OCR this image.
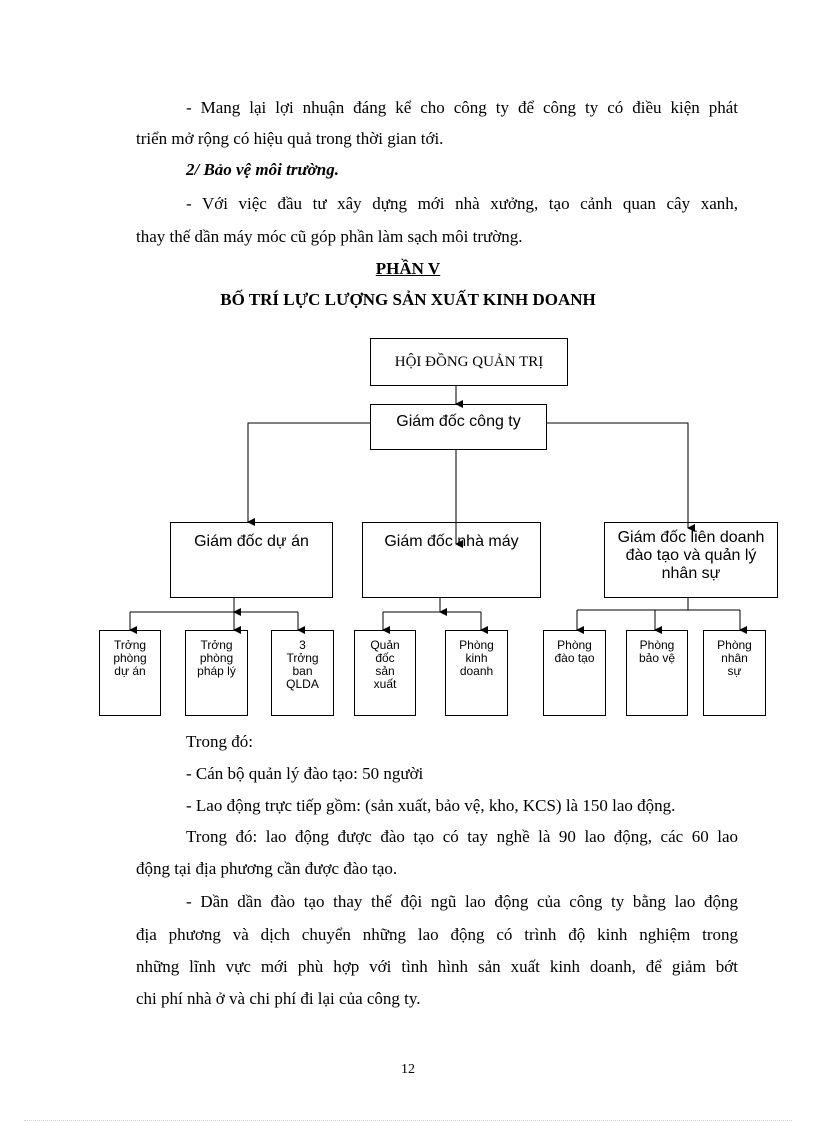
- Mang lại lợi nhuận đáng kể cho công ty để công ty có điều kiện phát
triển mở rộng có hiệu quả trong thời gian tới.
2/ Bảo vệ môi trường.
- Với việc đầu tư xây dựng mới nhà xưởng, tạo cảnh quan cây xanh,
thay thế dần máy móc cũ góp phần làm sạch môi trường.
PHẦN V
BỐ TRÍ LỰC LƯỢNG SẢN XUẤT KINH DOANH
HỘI ĐỒNG QUẢN TRỊ
Giám đốc công ty
Giám đốc dự án	Giám đốc nhà máy	Giám đốc liên doanh đào tạo và quản lý nhân sự
Trởng phòng dự án
Trởng phòng pháp lý
3 Trởng ban QLDA
Quản đốc sản xuất
Phòng kinh doanh
Phòng đào tạo
Phòng bảo vệ
Phòng nhân sự
Trong đó:
- Cán bộ quản lý đào tạo: 50 người
- Lao động trực tiếp gồm: (sản xuất, bảo vệ, kho, KCS) là 150 lao động.
Trong đó: lao động được đào tạo có tay nghề là 90 lao động, các 60 lao
động tại địa phương cần được đào tạo.
- Dần dần đào tạo thay thế đội ngũ lao động của công ty bằng lao động
địa phương và dịch chuyển những lao động có trình độ kinh nghiệm trong
những lĩnh vực mới phù hợp với tình hình sản xuất kinh doanh, để giảm bớt
chi phí nhà ở và chi phí đi lại của công ty.
12
